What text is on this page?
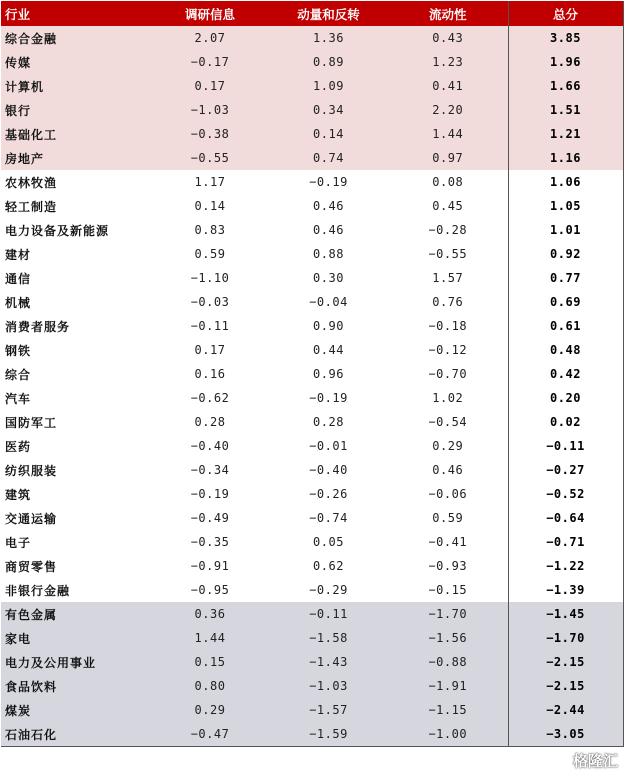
行业	调研信息	动量和反转	流动性	总分
综合金融	2.07	1.36	0.43	3.85
传媒	−0.17	0.89	1.23	1.96
计算机	0.17	1.09	0.41	1.66
银行	−1.03	0.34	2.20	1.51
基础化工	−0.38	0.14	1.44	1.21
房地产	−0.55	0.74	0.97	1.16
农林牧渔	1.17	−0.19	0.08	1.06
轻工制造	0.14	0.46	0.45	1.05
电力设备及新能源	0.83	0.46	−0.28	1.01
建材	0.59	0.88	−0.55	0.92
通信	−1.10	0.30	1.57	0.77
机械	−0.03	−0.04	0.76	0.69
消费者服务	−0.11	0.90	−0.18	0.61
钢铁	0.17	0.44	−0.12	0.48
综合	0.16	0.96	−0.70	0.42
汽车	−0.62	−0.19	1.02	0.20
国防军工	0.28	0.28	−0.54	0.02
医药	−0.40	−0.01	0.29	−0.11
纺织服装	−0.34	−0.40	0.46	−0.27
建筑	−0.19	−0.26	−0.06	−0.52
交通运输	−0.49	−0.74	0.59	−0.64
电子	−0.35	0.05	−0.41	−0.71
商贸零售	−0.91	0.62	−0.93	−1.22
非银行金融	−0.95	−0.29	−0.15	−1.39
有色金属	0.36	−0.11	−1.70	−1.45
家电	1.44	−1.58	−1.56	−1.70
电力及公用事业	0.15	−1.43	−0.88	−2.15
食品饮料	0.80	−1.03	−1.91	−2.15
煤炭	0.29	−1.57	−1.15	−2.44
石油石化	−0.47	−1.59	−1.00	−3.05
格隆汇
